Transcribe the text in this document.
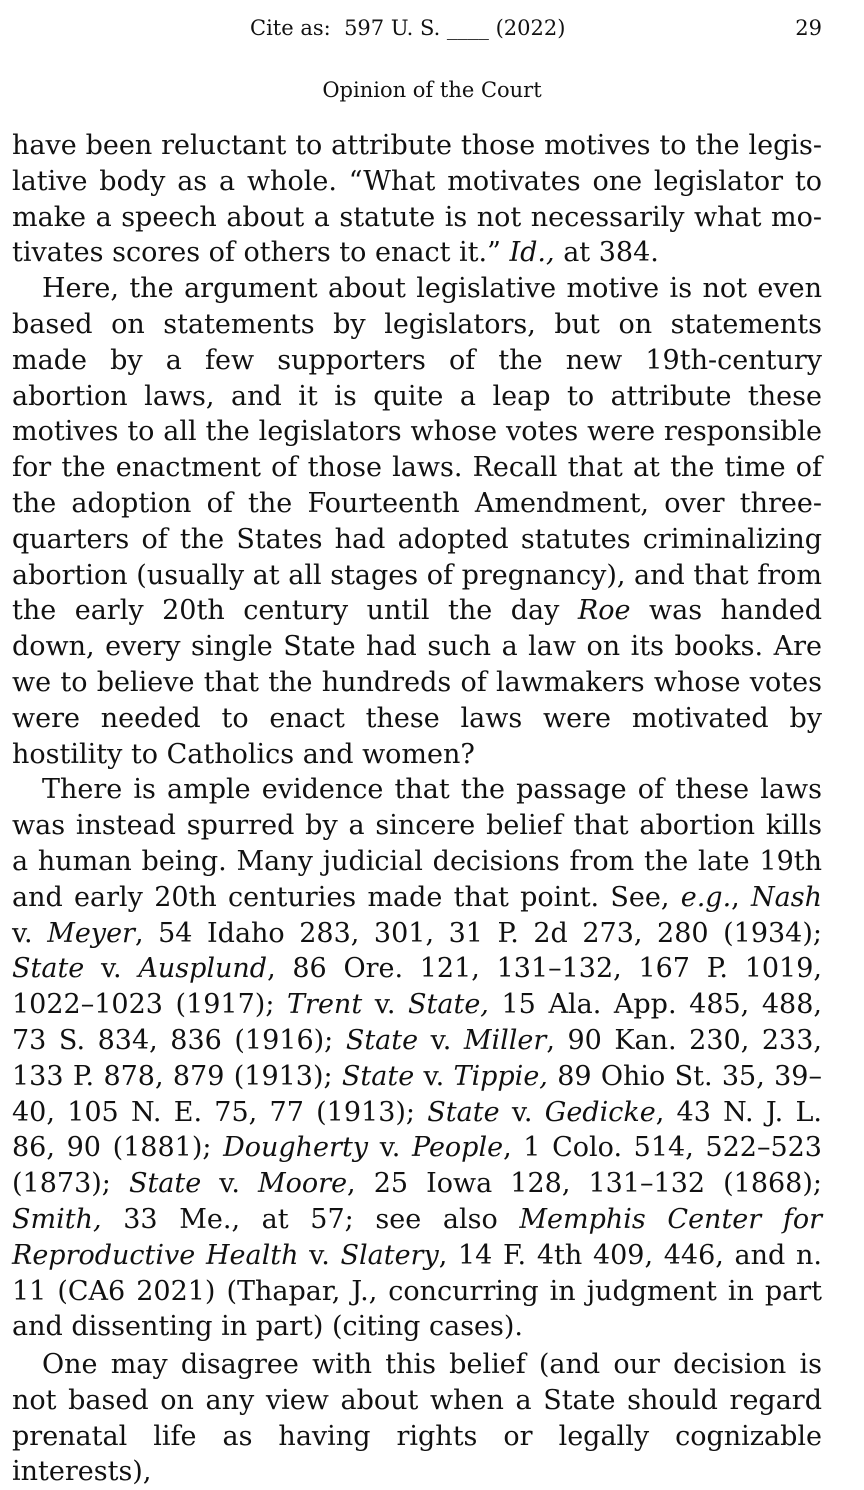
Cite as: 597 U. S. ____ (2022)	29
Opinion of the Court

have been reluctant to attribute those motives to the legislative body as a whole. “What motivates one legislator to make a speech about a statute is not necessarily what motivates scores of others to enact it.” Id., at 384.

Here, the argument about legislative motive is not even based on statements by legislators, but on statements made by a few supporters of the new 19th-century abortion laws, and it is quite a leap to attribute these motives to all the legislators whose votes were responsible for the enactment of those laws. Recall that at the time of the adoption of the Fourteenth Amendment, over three-quarters of the States had adopted statutes criminalizing abortion (usually at all stages of pregnancy), and that from the early 20th century until the day Roe was handed down, every single State had such a law on its books. Are we to believe that the hundreds of lawmakers whose votes were needed to enact these laws were motivated by hostility to Catholics and women?

There is ample evidence that the passage of these laws was instead spurred by a sincere belief that abortion kills a human being. Many judicial decisions from the late 19th and early 20th centuries made that point. See, e.g., Nash v. Meyer, 54 Idaho 283, 301, 31 P. 2d 273, 280 (1934); State v. Ausplund, 86 Ore. 121, 131–132, 167 P. 1019, 1022–1023 (1917); Trent v. State, 15 Ala. App. 485, 488, 73 S. 834, 836 (1916); State v. Miller, 90 Kan. 230, 233, 133 P. 878, 879 (1913); State v. Tippie, 89 Ohio St. 35, 39–40, 105 N. E. 75, 77 (1913); State v. Gedicke, 43 N. J. L. 86, 90 (1881); Dougherty v. People, 1 Colo. 514, 522–523 (1873); State v. Moore, 25 Iowa 128, 131–132 (1868); Smith, 33 Me., at 57; see also Memphis Center for Reproductive Health v. Slatery, 14 F. 4th 409, 446, and n. 11 (CA6 2021) (Thapar, J., concurring in judgment in part and dissenting in part) (citing cases).

One may disagree with this belief (and our decision is not based on any view about when a State should regard prenatal life as having rights or legally cognizable interests),
